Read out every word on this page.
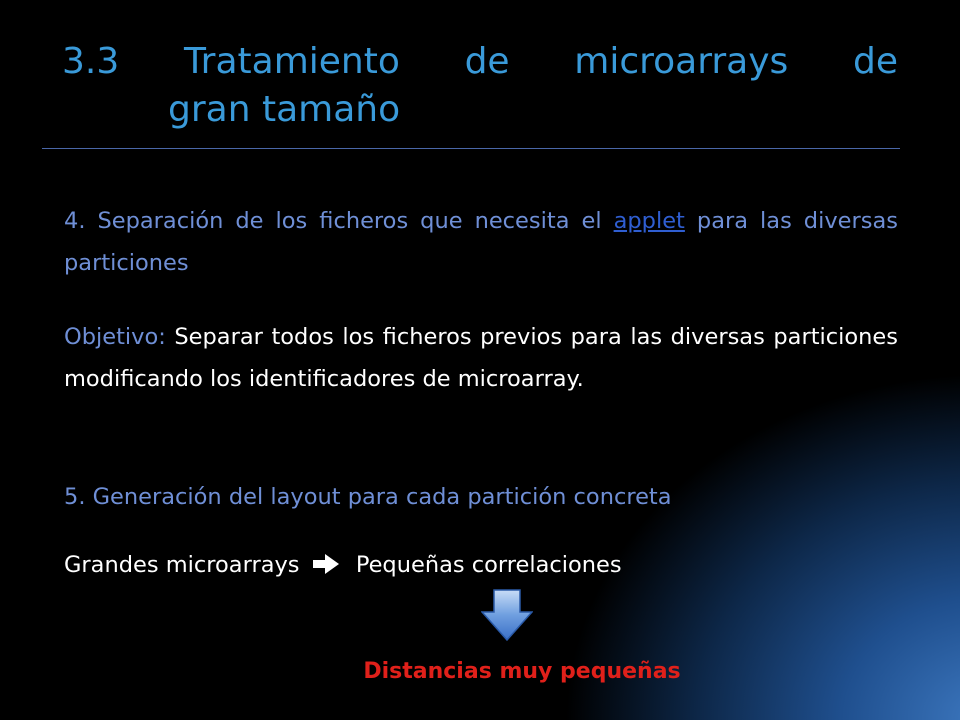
3.3 Tratamiento de microarrays de
gran tamaño
4. Separación de los ficheros que necesita el applet para las diversas particiones
Objetivo: Separar todos los ficheros previos para las diversas particiones modificando los identificadores de microarray.
5. Generación del layout para cada partición concreta
Grandes microarrays	Pequeñas correlaciones
Distancias muy pequeñas
